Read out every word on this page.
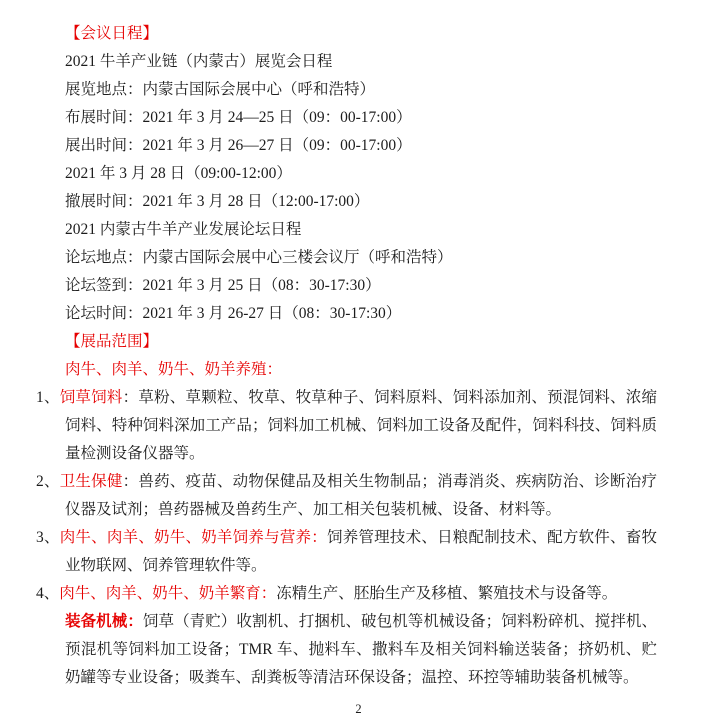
【会议日程】
2021 牛羊产业链（内蒙古）展览会日程
展览地点：内蒙古国际会展中心（呼和浩特）
布展时间：2021 年 3 月 24—25 日（09：00-17:00）
展出时间：2021 年 3 月 26—27 日（09：00-17:00）
2021 年 3 月 28 日（09:00-12:00）
撤展时间：2021 年 3 月 28 日（12:00-17:00）
2021 内蒙古牛羊产业发展论坛日程
论坛地点：内蒙古国际会展中心三楼会议厅（呼和浩特）
论坛签到：2021 年 3 月 25 日（08：30-17:30）
论坛时间：2021 年 3 月 26-27 日（08：30-17:30）
【展品范围】
肉牛、肉羊、奶牛、奶羊养殖：

1、饲草饲料：草粉、草颗粒、牧草、牧草种子、饲料原料、饲料添加剂、预混饲料、浓缩饲料、特种饲料深加工产品；饲料加工机械、饲料加工设备及配件，饲料科技、饲料质量检测设备仪器等。

2、卫生保健：兽药、疫苗、动物保健品及相关生物制品；消毒消炎、疾病防治、诊断治疗仪器及试剂；兽药器械及兽药生产、加工相关包装机械、设备、材料等。

3、肉牛、肉羊、奶牛、奶羊饲养与营养：饲养管理技术、日粮配制技术、配方软件、畜牧业物联网、饲养管理软件等。

4、肉牛、肉羊、奶牛、奶羊繁育：冻精生产、胚胎生产及移植、繁殖技术与设备等。

装备机械：饲草（青贮）收割机、打捆机、破包机等机械设备；饲料粉碎机、搅拌机、预混机等饲料加工设备；TMR 车、抛料车、撒料车及相关饲料输送装备；挤奶机、贮奶罐等专业设备；吸粪车、刮粪板等清洁环保设备；温控、环控等辅助装备机械等。

2
